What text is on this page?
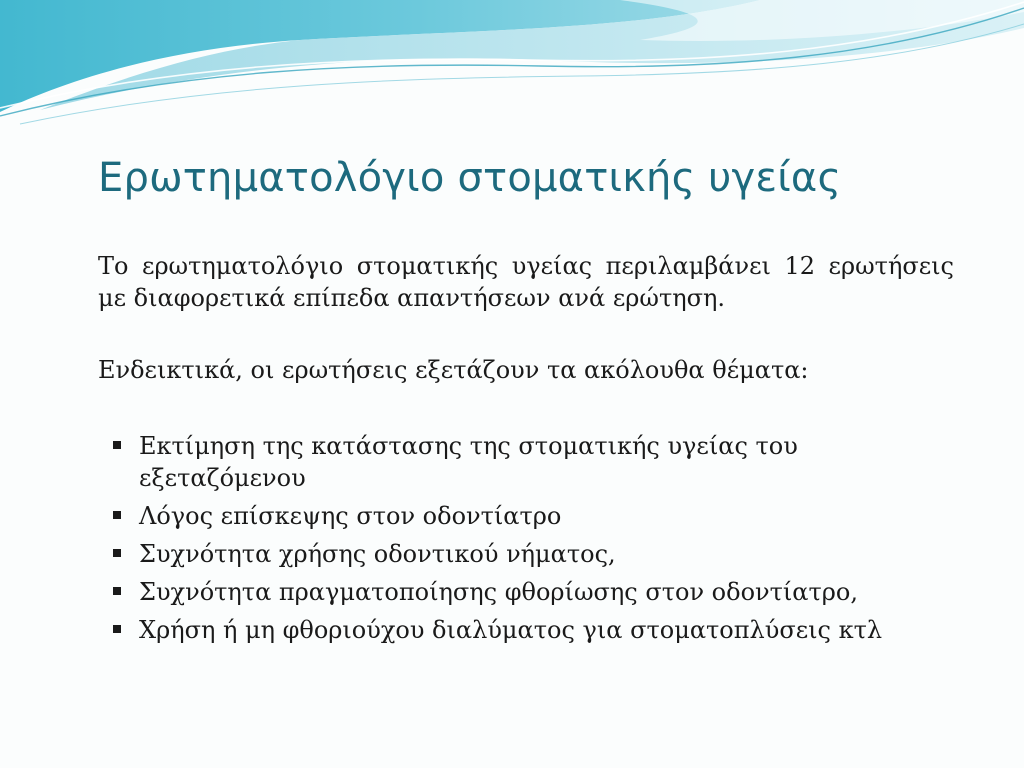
Ερωτηματολόγιο στοματικής υγείας

Το ερωτηματολόγιο στοματικής υγείας περιλαμβάνει 12 ερωτήσεις με διαφορετικά επίπεδα απαντήσεων ανά ερώτηση.

Ενδεικτικά, οι ερωτήσεις εξετάζουν τα ακόλουθα θέματα:

Εκτίμηση της κατάστασης της στοματικής υγείας του εξεταζόμενου
Λόγος επίσκεψης στον οδοντίατρο
Συχνότητα χρήσης οδοντικού νήματος,
Συχνότητα πραγματοποίησης φθορίωσης στον οδοντίατρο,
Χρήση ή μη φθοριούχου διαλύματος για στοματοπλύσεις κτλ
